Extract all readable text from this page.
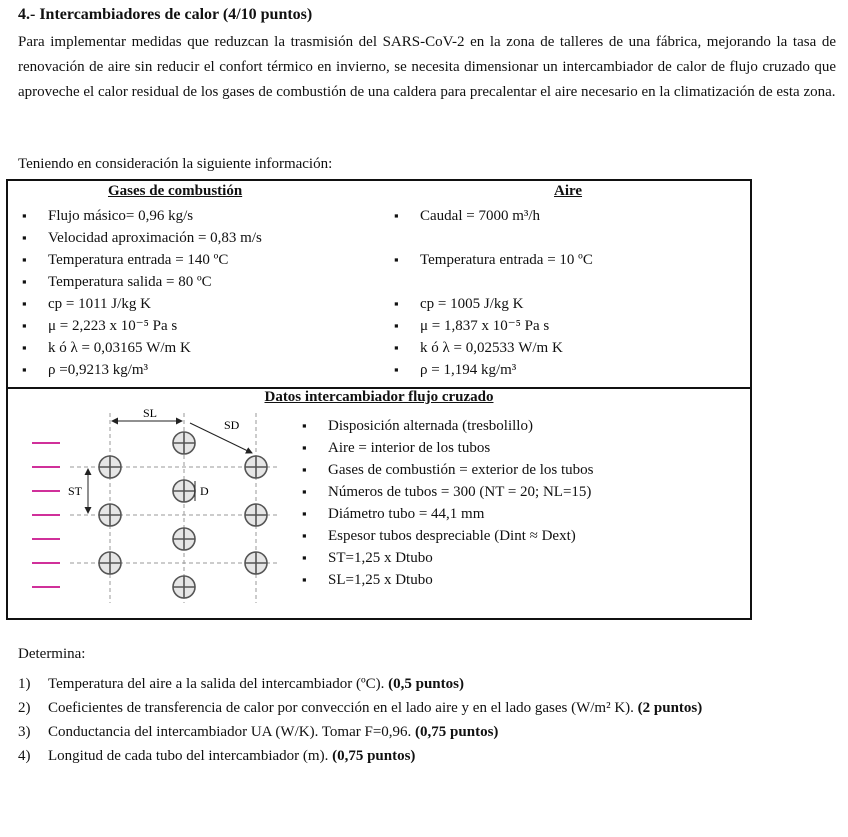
4.- Intercambiadores de calor (4/10 puntos)
Para implementar medidas que reduzcan la trasmisión del SARS-CoV-2 en la zona de talleres de una fábrica, mejorando la tasa de renovación de aire sin reducir el confort térmico en invierno, se necesita dimensionar un intercambiador de calor de flujo cruzado que aproveche el calor residual de los gases de combustión de una caldera para precalentar el aire necesario en la climatización de esta zona.
Teniendo en consideración la siguiente información:
Gases de combustión	Aire
▪ Flujo másico= 0,96 kg/s
▪ Velocidad aproximación = 0,83 m/s
▪ Temperatura entrada = 140 ºC
▪ Temperatura salida = 80 ºC
▪ cp = 1011 J/kg K
▪ μ = 2,223 x 10⁻⁵ Pa s
▪ k ó λ = 0,03165 W/m K
▪ ρ =0,9213 kg/m³
▪ Caudal = 7000 m³/h
▪ Temperatura entrada = 10 ºC
▪ cp = 1005 J/kg K
▪ μ = 1,837 x 10⁻⁵ Pa s
▪ k ó λ = 0,02533 W/m K
▪ ρ = 1,194 kg/m³
Datos intercambiador flujo cruzado
SL
ST
SD
D
▪ Disposición alternada (tresbolillo)
▪ Aire = interior de los tubos
▪ Gases de combustión = exterior de los tubos
▪ Números de tubos = 300 (NT = 20; NL=15)
▪ Diámetro tubo = 44,1 mm
▪ Espesor tubos despreciable (Dint ≈ Dext)
▪ ST=1,25 x Dtubo
▪ SL=1,25 x Dtubo
Determina:
1) Temperatura del aire a la salida del intercambiador (ºC). (0,5 puntos)
2) Coeficientes de transferencia de calor por convección en el lado aire y en el lado gases (W/m² K). (2 puntos)
3) Conductancia del intercambiador UA (W/K). Tomar F=0,96. (0,75 puntos)
4) Longitud de cada tubo del intercambiador (m). (0,75 puntos)
